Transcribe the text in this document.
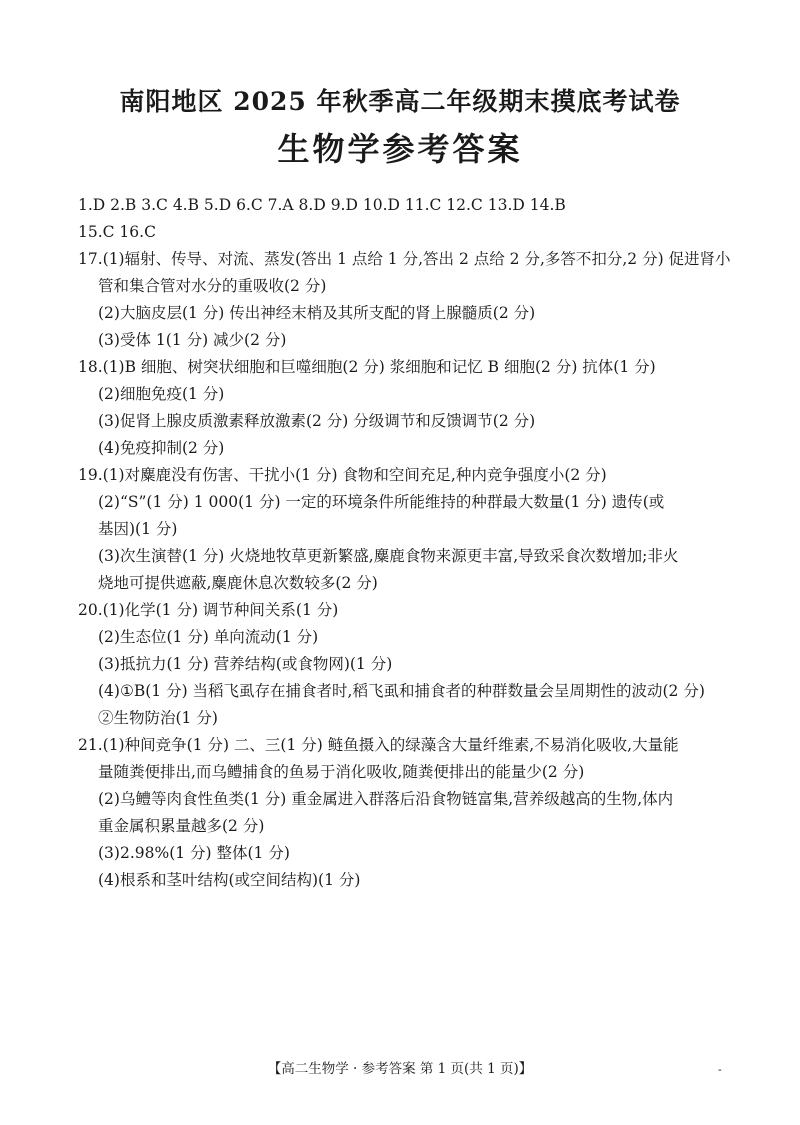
南阳地区 2025 年秋季高二年级期末摸底考试卷
生物学参考答案
1.D 2.B 3.C 4.B 5.D 6.C 7.A 8.D 9.D 10.D 11.C 12.C 13.D 14.B
15.C 16.C
17.(1)辐射、传导、对流、蒸发(答出 1 点给 1 分,答出 2 点给 2 分,多答不扣分,2 分) 促进肾小
管和集合管对水分的重吸收(2 分)
(2)大脑皮层(1 分) 传出神经末梢及其所支配的肾上腺髓质(2 分)
(3)受体 1(1 分) 减少(2 分)
18.(1)B 细胞、树突状细胞和巨噬细胞(2 分) 浆细胞和记忆 B 细胞(2 分) 抗体(1 分)
(2)细胞免疫(1 分)
(3)促肾上腺皮质激素释放激素(2 分) 分级调节和反馈调节(2 分)
(4)免疫抑制(2 分)
19.(1)对麋鹿没有伤害、干扰小(1 分) 食物和空间充足,种内竞争强度小(2 分)
(2)“S”(1 分) 1 000(1 分) 一定的环境条件所能维持的种群最大数量(1 分) 遗传(或
基因)(1 分)
(3)次生演替(1 分) 火烧地牧草更新繁盛,麋鹿食物来源更丰富,导致采食次数增加;非火
烧地可提供遮蔽,麋鹿休息次数较多(2 分)
20.(1)化学(1 分) 调节种间关系(1 分)
(2)生态位(1 分) 单向流动(1 分)
(3)抵抗力(1 分) 营养结构(或食物网)(1 分)
(4)①B(1 分) 当稻飞虱存在捕食者时,稻飞虱和捕食者的种群数量会呈周期性的波动(2 分)
②生物防治(1 分)
21.(1)种间竞争(1 分) 二、三(1 分) 鲢鱼摄入的绿藻含大量纤维素,不易消化吸收,大量能
量随粪便排出,而乌鳢捕食的鱼易于消化吸收,随粪便排出的能量少(2 分)
(2)乌鳢等肉食性鱼类(1 分) 重金属进入群落后沿食物链富集,营养级越高的生物,体内
重金属积累量越多(2 分)
(3)2.98%(1 分) 整体(1 分)
(4)根系和茎叶结构(或空间结构)(1 分)
【高二生物学 · 参考答案 第 1 页(共 1 页)】	-
